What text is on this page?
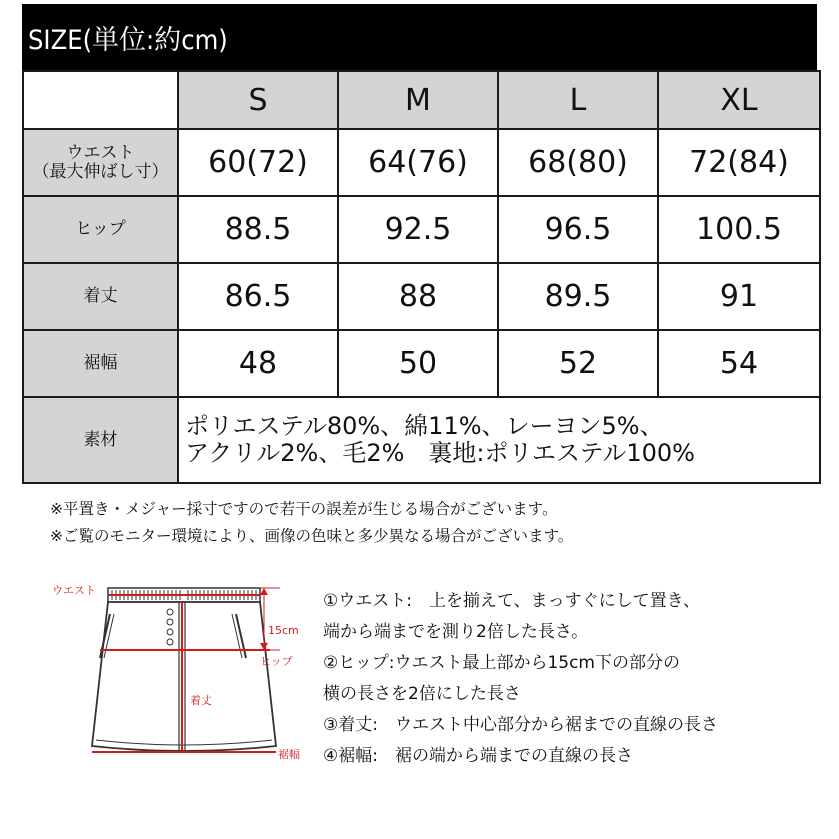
SIZE(単位:約cm)
	S	M	L	XL

ウエスト
（最大伸ばし寸）	60(72)	64(76)	68(80)	72(84)
ヒップ	88.5	92.5	96.5	100.5
着丈	86.5	88	89.5	91
裾幅	48	50	52	54
素材	ポリエステル80%、綿11%、レーヨン5%、
アクリル2%、毛2%　裏地:ポリエステル100%			
※平置き・メジャー採寸ですので若干の誤差が生じる場合がございます。
※ご覧のモニター環境により、画像の色味と多少異なる場合がございます。
ウエスト
15cm
ヒップ
着丈
裾幅
①ウエスト:　上を揃えて、まっすぐにして置き、
端から端までを測り2倍した長さ。
②ヒップ:ウエスト最上部から15cm下の部分の
横の長さを2倍にした長さ
③着丈:　ウエスト中心部分から裾までの直線の長さ
④裾幅:　裾の端から端までの直線の長さ
